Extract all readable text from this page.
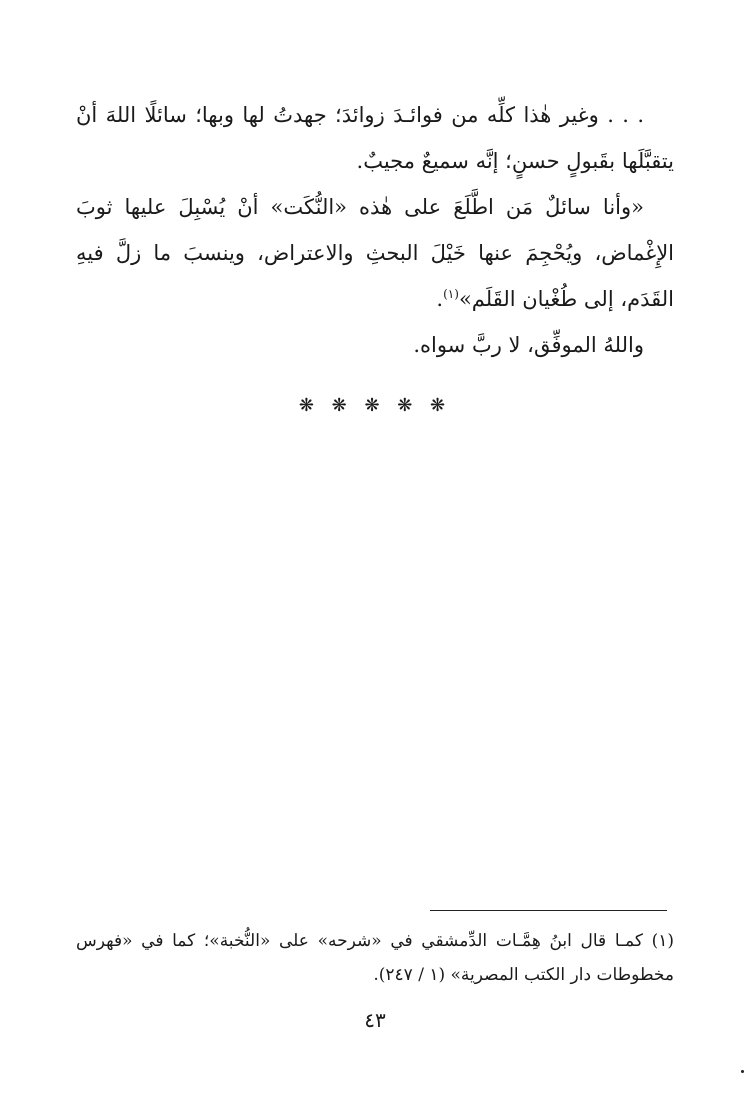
. . . وغير هٰذا كلِّه من فوائـدَ زوائدَ؛ جهدتُ لها وبها؛ سائلًا اللهَ أنْ يتقبَّلَها بقَبولٍ حسنٍ؛ إنَّه سميعٌ مجيبٌ.

«وأنا سائلٌ مَن اطَّلَعَ على هٰذه «النُّكَت» أنْ يُسْبِلَ عليها ثوبَ الإِغْماض، ويُحْجِمَ عنها خَيْلَ البحثِ والاعتراض، وينسبَ ما زلَّ فيهِ القَدَم، إلى طُغْيان القَلَم»$^{(١)}$.

واللهُ الموفِّق، لا ربَّ سواه.

❋ ❋ ❋ ❋ ❋

(١) كمـا قال ابنُ هِمَّـات الدِّمشقي في «شرحه» على «النُّخبة»؛ كما في «فهرس مخطوطات دار الكتب المصرية» (١ / ٢٤٧).

٤٣
